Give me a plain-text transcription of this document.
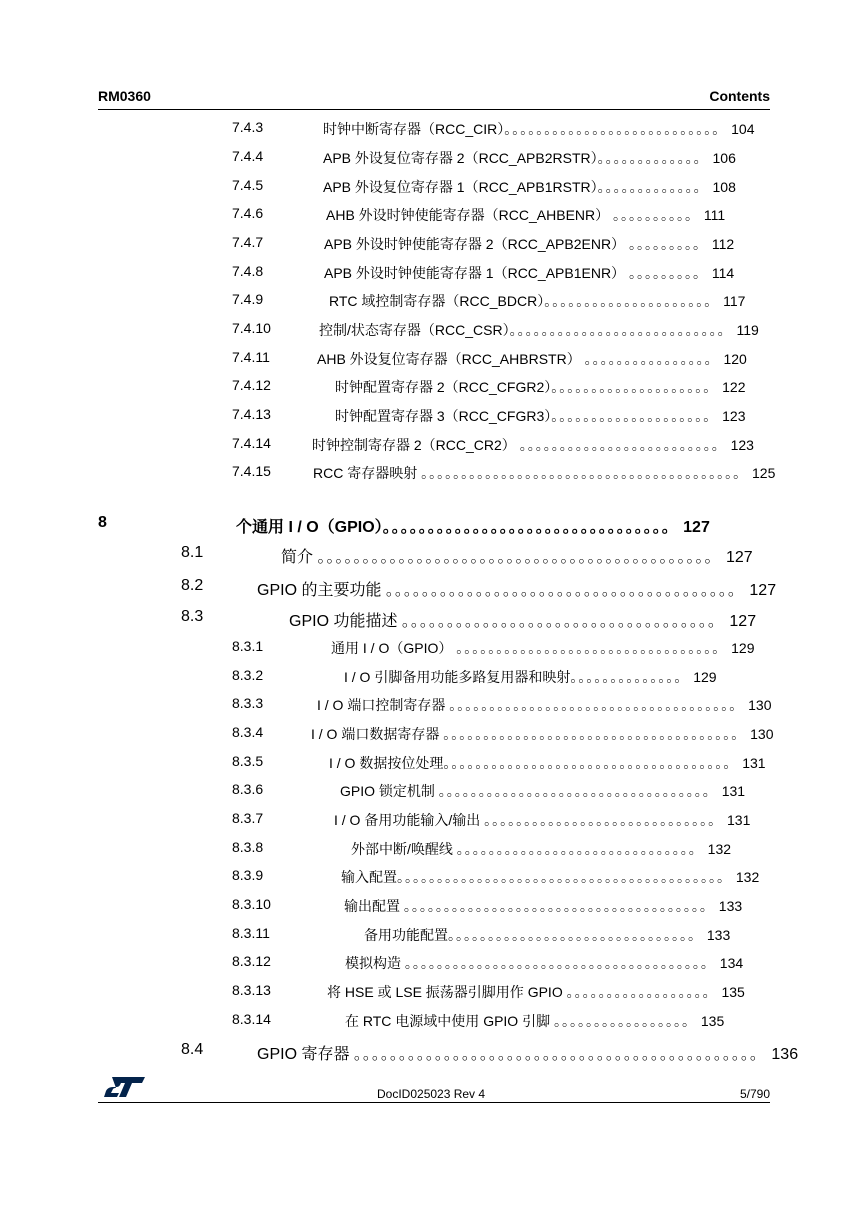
RM0360	Contents
7.4.3	时钟中断寄存器（RCC_CIR）。。。。。。。。。。。。。。。。。。。。。。。。。。。 104
7.4.4	APB 外设复位寄存器 2（RCC_APB2RSTR）。。。。。。。。。。。。。 106
7.4.5	APB 外设复位寄存器 1（RCC_APB1RSTR）。。。。。。。。。。。。。 108
7.4.6	AHB 外设时钟使能寄存器（RCC_AHBENR） 。。。。。。。。。。 111
7.4.7	APB 外设时钟使能寄存器 2（RCC_APB2ENR） 。。。。。。。。。 112
7.4.8	APB 外设时钟使能寄存器 1（RCC_APB1ENR） 。。。。。。。。。 114
7.4.9	RTC 域控制寄存器（RCC_BDCR）。。。。。。。。。。。。。。。。。。。。。 117
7.4.10	控制/状态寄存器（RCC_CSR）。。。。。。。。。。。。。。。。。。。。。。。。。。。 119
7.4.11	AHB 外设复位寄存器（RCC_AHBRSTR） 。。。。。。。。。。。。。。。。 120
7.4.12	时钟配置寄存器 2（RCC_CFGR2）。。。。。。。。。。。。。。。。。。。。 122
7.4.13	时钟配置寄存器 3（RCC_CFGR3）。。。。。。。。。。。。。。。。。。。。 123
7.4.14	时钟控制寄存器 2（RCC_CR2） 。。。。。。。。。。。。。。。。。。。。。。。。。 123
7.4.15	RCC 寄存器映射 。。。。。。。。。。。。。。。。。。。。。。。。。。。。。。。。。。。。。。。。 125
8	个通用 I / O（GPIO）。。。。。。。。。。。。。。。。。。。。。。。。。。。。。。。。 127
8.1	简介 。。。。。。。。。。。。。。。。。。。。。。。。。。。。。。。。。。。。。。。。。。。。 127
8.2	GPIO 的主要功能 。。。。。。。。。。。。。。。。。。。。。。。。。。。。。。。。。。。。。。。 127
8.3	GPIO 功能描述 。。。。。。。。。。。。。。。。。。。。。。。。。。。。。。。。。。。 127
8.3.1	通用 I / O（GPIO） 。。。。。。。。。。。。。。。。。。。。。。。。。。。。。。。。。 129
8.3.2	I / O 引脚备用功能多路复用器和映射。。。。。。。。。。。。。。 129
8.3.3	I / O 端口控制寄存器 。。。。。。。。。。。。。。。。。。。。。。。。。。。。。。。。。。。。 130
8.3.4	I / O 端口数据寄存器 。。。。。。。。。。。。。。。。。。。。。。。。。。。。。。。。。。。。。 130
8.3.5	I / O 数据按位处理。。。。。。。。。。。。。。。。。。。。。。。。。。。。。。。。。。。。 131
8.3.6	GPIO 锁定机制 。。。。。。。。。。。。。。。。。。。。。。。。。。。。。。。。。。 131
8.3.7	I / O 备用功能输入/输出 。。。。。。。。。。。。。。。。。。。。。。。。。。。。。 131
8.3.8	外部中断/唤醒线 。。。。。。。。。。。。。。。。。。。。。。。。。。。。。。 132
8.3.9	输入配置。。。。。。。。。。。。。。。。。。。。。。。。。。。。。。。。。。。。。。。。。 132
8.3.10	输出配置 。。。。。。。。。。。。。。。。。。。。。。。。。。。。。。。。。。。。。。 133
8.3.11	备用功能配置。。。。。。。。。。。。。。。。。。。。。。。。。。。。。。。 133
8.3.12	模拟构造 。。。。。。。。。。。。。。。。。。。。。。。。。。。。。。。。。。。。。。 134
8.3.13	将 HSE 或 LSE 振荡器引脚用作 GPIO 。。。。。。。。。。。。。。。。。。 135
8.3.14	在 RTC 电源域中使用 GPIO 引脚 。。。。。。。。。。。。。。。。。 135
8.4	GPIO 寄存器 。。。。。。。。。。。。。。。。。。。。。。。。。。。。。。。。。。。。。。。。。。。。。 136
DocID025023 Rev 4	5/790
